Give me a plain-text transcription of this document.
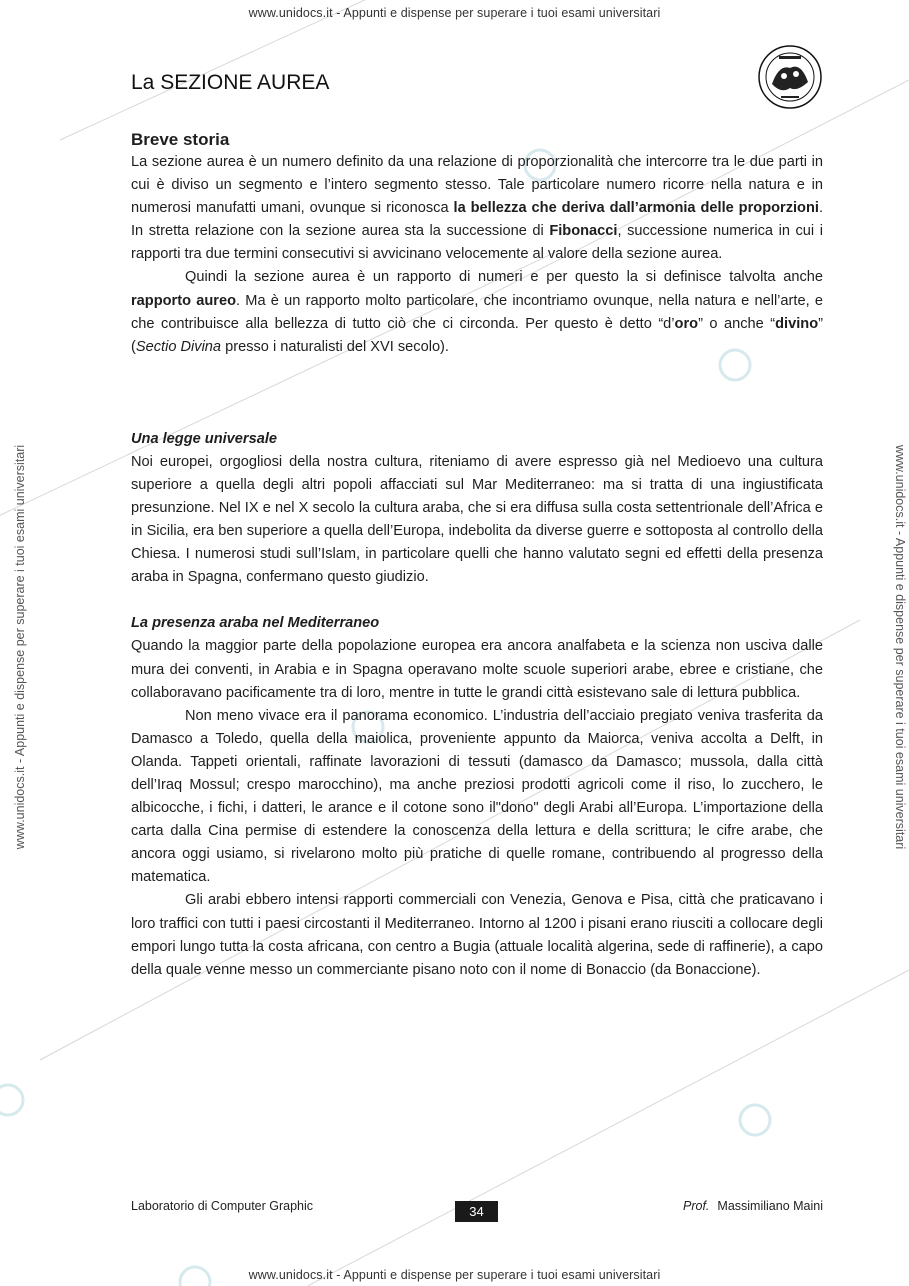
www.unidocs.it - Appunti e dispense per superare i tuoi esami universitari
www.unidocs.it - Appunti e dispense per superare i tuoi esami universitari	www.unidocs.it - Appunti e dispense per superare i tuoi esami universitari
La SEZIONE AUREA
Breve storia

La sezione aurea è un numero definito da una relazione di proporzionalità che intercorre tra le due parti in cui è diviso un segmento e l’intero segmento stesso. Tale particolare numero ricorre nella natura e in numerosi manufatti umani, ovunque si riconosca la bellezza che deriva dall’armonia delle proporzioni. In stretta relazione con la sezione aurea sta la successione di Fibonacci, successione numerica in cui i rapporti tra due termini consecutivi si avvicinano velocemente al valore della sezione aurea.

Quindi la sezione aurea è un rapporto di numeri e per questo la si definisce talvolta anche rapporto aureo. Ma è un rapporto molto particolare, che incontriamo ovunque, nella natura e nell’arte, e che contribuisce alla bellezza di tutto ciò che ci circonda. Per questo è detto “d’oro” o anche “divino” (Sectio Divina presso i naturalisti del XVI secolo).

Una legge universale

Noi europei, orgogliosi della nostra cultura, riteniamo di avere espresso già nel Medioevo una cultura superiore a quella degli altri popoli affacciati sul Mar Mediterraneo: ma si tratta di una ingiustificata presunzione. Nel IX e nel X secolo la cultura araba, che si era diffusa sulla costa settentrionale dell’Africa e in Sicilia, era ben superiore a quella dell’Europa, indebolita da diverse guerre e sottoposta al controllo della Chiesa. I numerosi studi sull’Islam, in particolare quelli che hanno valutato segni ed effetti della presenza araba in Spagna, confermano questo giudizio.

La presenza araba nel Mediterraneo

Quando la maggior parte della popolazione europea era ancora analfabeta e la scienza non usciva dalle mura dei conventi, in Arabia e in Spagna operavano molte scuole superiori arabe, ebree e cristiane, che collaboravano pacificamente tra di loro, mentre in tutte le grandi città esistevano sale di lettura pubblica.

Non meno vivace era il panorama economico. L’industria dell’acciaio pregiato veniva trasferita da Damasco a Toledo, quella della maiolica, proveniente appunto da Maiorca, veniva accolta a Delft, in Olanda. Tappeti orientali, raffinate lavorazioni di tessuti (damasco da Damasco; mussola, dalla città dell’Iraq Mossul; crespo marocchino), ma anche preziosi prodotti agricoli come il riso, lo zucchero, le albicocche, i fichi, i datteri, le arance e il cotone sono il"dono" degli Arabi all’Europa. L’importazione della carta dalla Cina permise di estendere la conoscenza della lettura e della scrittura; le cifre arabe, che ancora oggi usiamo, si rivelarono molto più pratiche di quelle romane, contribuendo al progresso della matematica.

Gli arabi ebbero intensi rapporti commerciali con Venezia, Genova e Pisa, città che praticavano i loro traffici con tutti i paesi circostanti il Mediterraneo. Intorno al 1200 i pisani erano riusciti a collocare degli empori lungo tutta la costa africana, con centro a Bugia (attuale località algerina, sede di raffinerie), a capo della quale venne messo un commerciante pisano noto con il nome di Bonaccio (da Bonaccione).

Laboratorio di Computer Graphic	34	Prof. Massimiliano Maini
www.unidocs.it - Appunti e dispense per superare i tuoi esami universitari
